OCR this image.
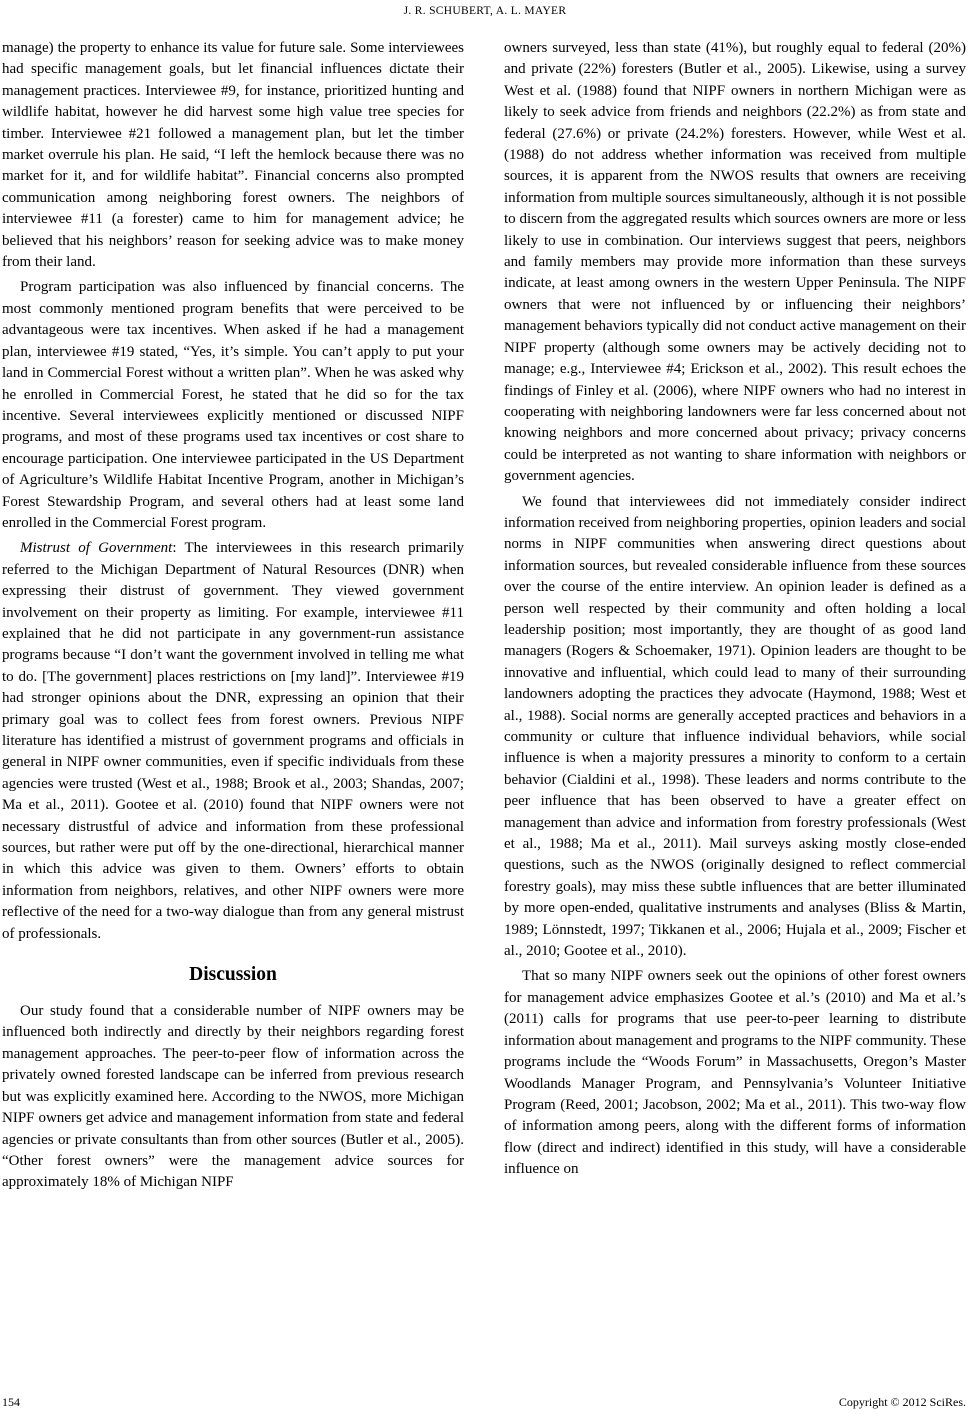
J. R. SCHUBERT, A. L. MAYER

manage) the property to enhance its value for future sale. Some interviewees had specific management goals, but let financial influences dictate their management practices. Interviewee #9, for instance, prioritized hunting and wildlife habitat, however he did harvest some high value tree species for timber. Interviewee #21 followed a management plan, but let the timber market overrule his plan. He said, “I left the hemlock because there was no market for it, and for wildlife habitat”. Financial concerns also prompted communication among neighboring forest owners. The neighbors of interviewee #11 (a forester) came to him for management advice; he believed that his neighbors’ reason for seeking advice was to make money from their land.

Program participation was also influenced by financial concerns. The most commonly mentioned program benefits that were perceived to be advantageous were tax incentives. When asked if he had a management plan, interviewee #19 stated, “Yes, it’s simple. You can’t apply to put your land in Commercial Forest without a written plan”. When he was asked why he enrolled in Commercial Forest, he stated that he did so for the tax incentive. Several interviewees explicitly mentioned or discussed NIPF programs, and most of these programs used tax incentives or cost share to encourage participation. One interviewee participated in the US Department of Agriculture’s Wildlife Habitat Incentive Program, another in Michigan’s Forest Stewardship Program, and several others had at least some land enrolled in the Commercial Forest program.

Mistrust of Government: The interviewees in this research primarily referred to the Michigan Department of Natural Resources (DNR) when expressing their distrust of government. They viewed government involvement on their property as limiting. For example, interviewee #11 explained that he did not participate in any government-run assistance programs because “I don’t want the government involved in telling me what to do. [The government] places restrictions on [my land]”. Interviewee #19 had stronger opinions about the DNR, expressing an opinion that their primary goal was to collect fees from forest owners. Previous NIPF literature has identified a mistrust of government programs and officials in general in NIPF owner communities, even if specific individuals from these agencies were trusted (West et al., 1988; Brook et al., 2003; Shandas, 2007; Ma et al., 2011). Gootee et al. (2010) found that NIPF owners were not necessary distrustful of advice and information from these professional sources, but rather were put off by the one-directional, hierarchical manner in which this advice was given to them. Owners’ efforts to obtain information from neighbors, relatives, and other NIPF owners were more reflective of the need for a two-way dialogue than from any general mistrust of professionals.

Discussion

Our study found that a considerable number of NIPF owners may be influenced both indirectly and directly by their neighbors regarding forest management approaches. The peer-to-peer flow of information across the privately owned forested landscape can be inferred from previous research but was explicitly examined here. According to the NWOS, more Michigan NIPF owners get advice and management information from state and federal agencies or private consultants than from other sources (Butler et al., 2005). “Other forest owners” were the management advice sources for approximately 18% of Michigan NIPF

owners surveyed, less than state (41%), but roughly equal to federal (20%) and private (22%) foresters (Butler et al., 2005). Likewise, using a survey West et al. (1988) found that NIPF owners in northern Michigan were as likely to seek advice from friends and neighbors (22.2%) as from state and federal (27.6%) or private (24.2%) foresters. However, while West et al. (1988) do not address whether information was received from multiple sources, it is apparent from the NWOS results that owners are receiving information from multiple sources simultaneously, although it is not possible to discern from the aggregated results which sources owners are more or less likely to use in combination. Our interviews suggest that peers, neighbors and family members may provide more information than these surveys indicate, at least among owners in the western Upper Peninsula. The NIPF owners that were not influenced by or influencing their neighbors’ management behaviors typically did not conduct active management on their NIPF property (although some owners may be actively deciding not to manage; e.g., Interviewee #4; Erickson et al., 2002). This result echoes the findings of Finley et al. (2006), where NIPF owners who had no interest in cooperating with neighboring landowners were far less concerned about not knowing neighbors and more concerned about privacy; privacy concerns could be interpreted as not wanting to share information with neighbors or government agencies.

We found that interviewees did not immediately consider indirect information received from neighboring properties, opinion leaders and social norms in NIPF communities when answering direct questions about information sources, but revealed considerable influence from these sources over the course of the entire interview. An opinion leader is defined as a person well respected by their community and often holding a local leadership position; most importantly, they are thought of as good land managers (Rogers & Schoemaker, 1971). Opinion leaders are thought to be innovative and influential, which could lead to many of their surrounding landowners adopting the practices they advocate (Haymond, 1988; West et al., 1988). Social norms are generally accepted practices and behaviors in a community or culture that influence individual behaviors, while social influence is when a majority pressures a minority to conform to a certain behavior (Cialdini et al., 1998). These leaders and norms contribute to the peer influence that has been observed to have a greater effect on management than advice and information from forestry professionals (West et al., 1988; Ma et al., 2011). Mail surveys asking mostly close-ended questions, such as the NWOS (originally designed to reflect commercial forestry goals), may miss these subtle influences that are better illuminated by more open-ended, qualitative instruments and analyses (Bliss & Martin, 1989; Lönnstedt, 1997; Tikkanen et al., 2006; Hujala et al., 2009; Fischer et al., 2010; Gootee et al., 2010).

That so many NIPF owners seek out the opinions of other forest owners for management advice emphasizes Gootee et al.’s (2010) and Ma et al.’s (2011) calls for programs that use peer-to-peer learning to distribute information about management and programs to the NIPF community. These programs include the “Woods Forum” in Massachusetts, Oregon’s Master Woodlands Manager Program, and Pennsylvania’s Volunteer Initiative Program (Reed, 2001; Jacobson, 2002; Ma et al., 2011). This two-way flow of information among peers, along with the different forms of information flow (direct and indirect) identified in this study, will have a considerable influence on

154	Copyright © 2012 SciRes.
